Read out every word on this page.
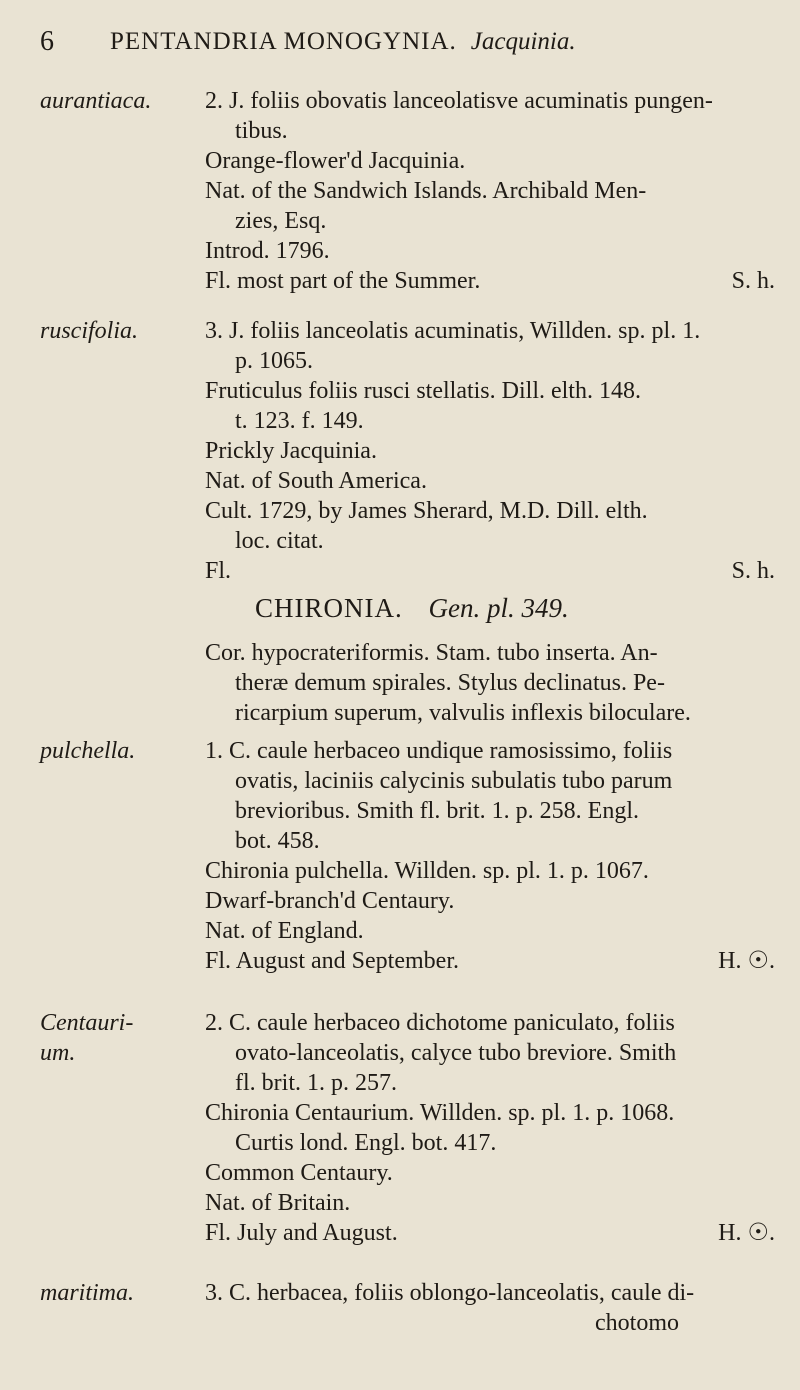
6 PENTANDRIA MONOGYNIA. Jacquinia.
aurantiaca.	2. J. foliis obovatis lanceolatisve acuminatis pungen-
tibus.
Orange-flower'd Jacquinia.
Nat. of the Sandwich Islands. Archibald Men-
zies, Esq.
Introd. 1796.
Fl. most part of the Summer.	S. h.
ruscifolia.	3. J. foliis lanceolatis acuminatis, Willden. sp. pl. 1.
p. 1065.
Fruticulus foliis rusci stellatis. Dill. elth. 148.
t. 123. f. 149.
Prickly Jacquinia.
Nat. of South America.
Cult. 1729, by James Sherard, M.D. Dill. elth.
loc. citat.
Fl.	S. h.
CHIRONIA. Gen. pl. 349.
Cor. hypocrateriformis. Stam. tubo inserta. An-
theræ demum spirales. Stylus declinatus. Pe-
ricarpium superum, valvulis inflexis biloculare.
pulchella.	1. C. caule herbaceo undique ramosissimo, foliis
ovatis, laciniis calycinis subulatis tubo parum
brevioribus. Smith fl. brit. 1. p. 258. Engl.
bot. 458.
Chironia pulchella. Willden. sp. pl. 1. p. 1067.
Dwarf-branch'd Centaury.
Nat. of England.
Fl. August and September.	H. ☉.
Centauri-
um.
2. C. caule herbaceo dichotome paniculato, foliis
ovato-lanceolatis, calyce tubo breviore. Smith
fl. brit. 1. p. 257.
Chironia Centaurium. Willden. sp. pl. 1. p. 1068.
Curtis lond. Engl. bot. 417.
Common Centaury.
Nat. of Britain.
Fl. July and August.	H. ☉.
maritima.	3. C. herbacea, foliis oblongo-lanceolatis, caule di-
chotomo
